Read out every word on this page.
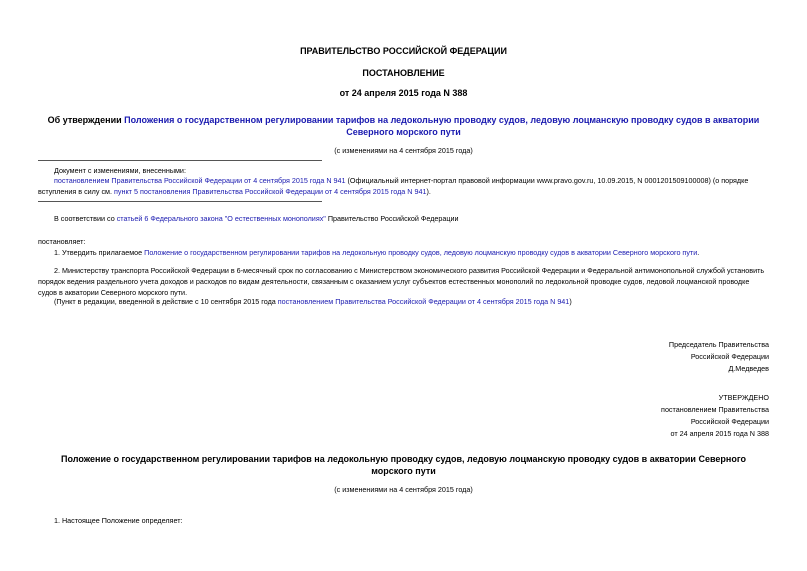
ПРАВИТЕЛЬСТВО РОССИЙСКОЙ ФЕДЕРАЦИИ
ПОСТАНОВЛЕНИЕ
от 24 апреля 2015 года N 388
Об утверждении Положения о государственном регулировании тарифов на ледокольную проводку судов, ледовую лоцманскую проводку судов в акватории Северного морского пути
(с изменениями на 4 сентября 2015 года)
Документ с изменениями, внесенными:
постановлением Правительства Российской Федерации от 4 сентября 2015 года N 941 (Официальный интернет-портал правовой информации www.pravo.gov.ru, 10.09.2015, N 0001201509100008) (о порядке вступления в силу см. пункт 5 постановления Правительства Российской Федерации от 4 сентября 2015 года N 941).
В соответствии со статьей 6 Федерального закона "О естественных монополиях" Правительство Российской Федерации
постановляет:
1. Утвердить прилагаемое Положение о государственном регулировании тарифов на ледокольную проводку судов, ледовую лоцманскую проводку судов в акватории Северного морского пути.
2. Министерству транспорта Российской Федерации в 6-месячный срок по согласованию с Министерством экономического развития Российской Федерации и Федеральной антимонопольной службой установить порядок ведения раздельного учета доходов и расходов по видам деятельности, связанным с оказанием услуг субъектов естественных монополий по ледокольной проводке судов, ледовой лоцманской проводке судов в акватории Северного морского пути.
(Пункт в редакции, введенной в действие с 10 сентября 2015 года постановлением Правительства Российской Федерации от 4 сентября 2015 года N 941)
Председатель Правительства
Российской Федерации
Д.Медведев
УТВЕРЖДЕНО
постановлением Правительства
Российской Федерации
от 24 апреля 2015 года N 388
Положение о государственном регулировании тарифов на ледокольную проводку судов, ледовую лоцманскую проводку судов в акватории Северного морского пути
(с изменениями на 4 сентября 2015 года)
1. Настоящее Положение определяет:
